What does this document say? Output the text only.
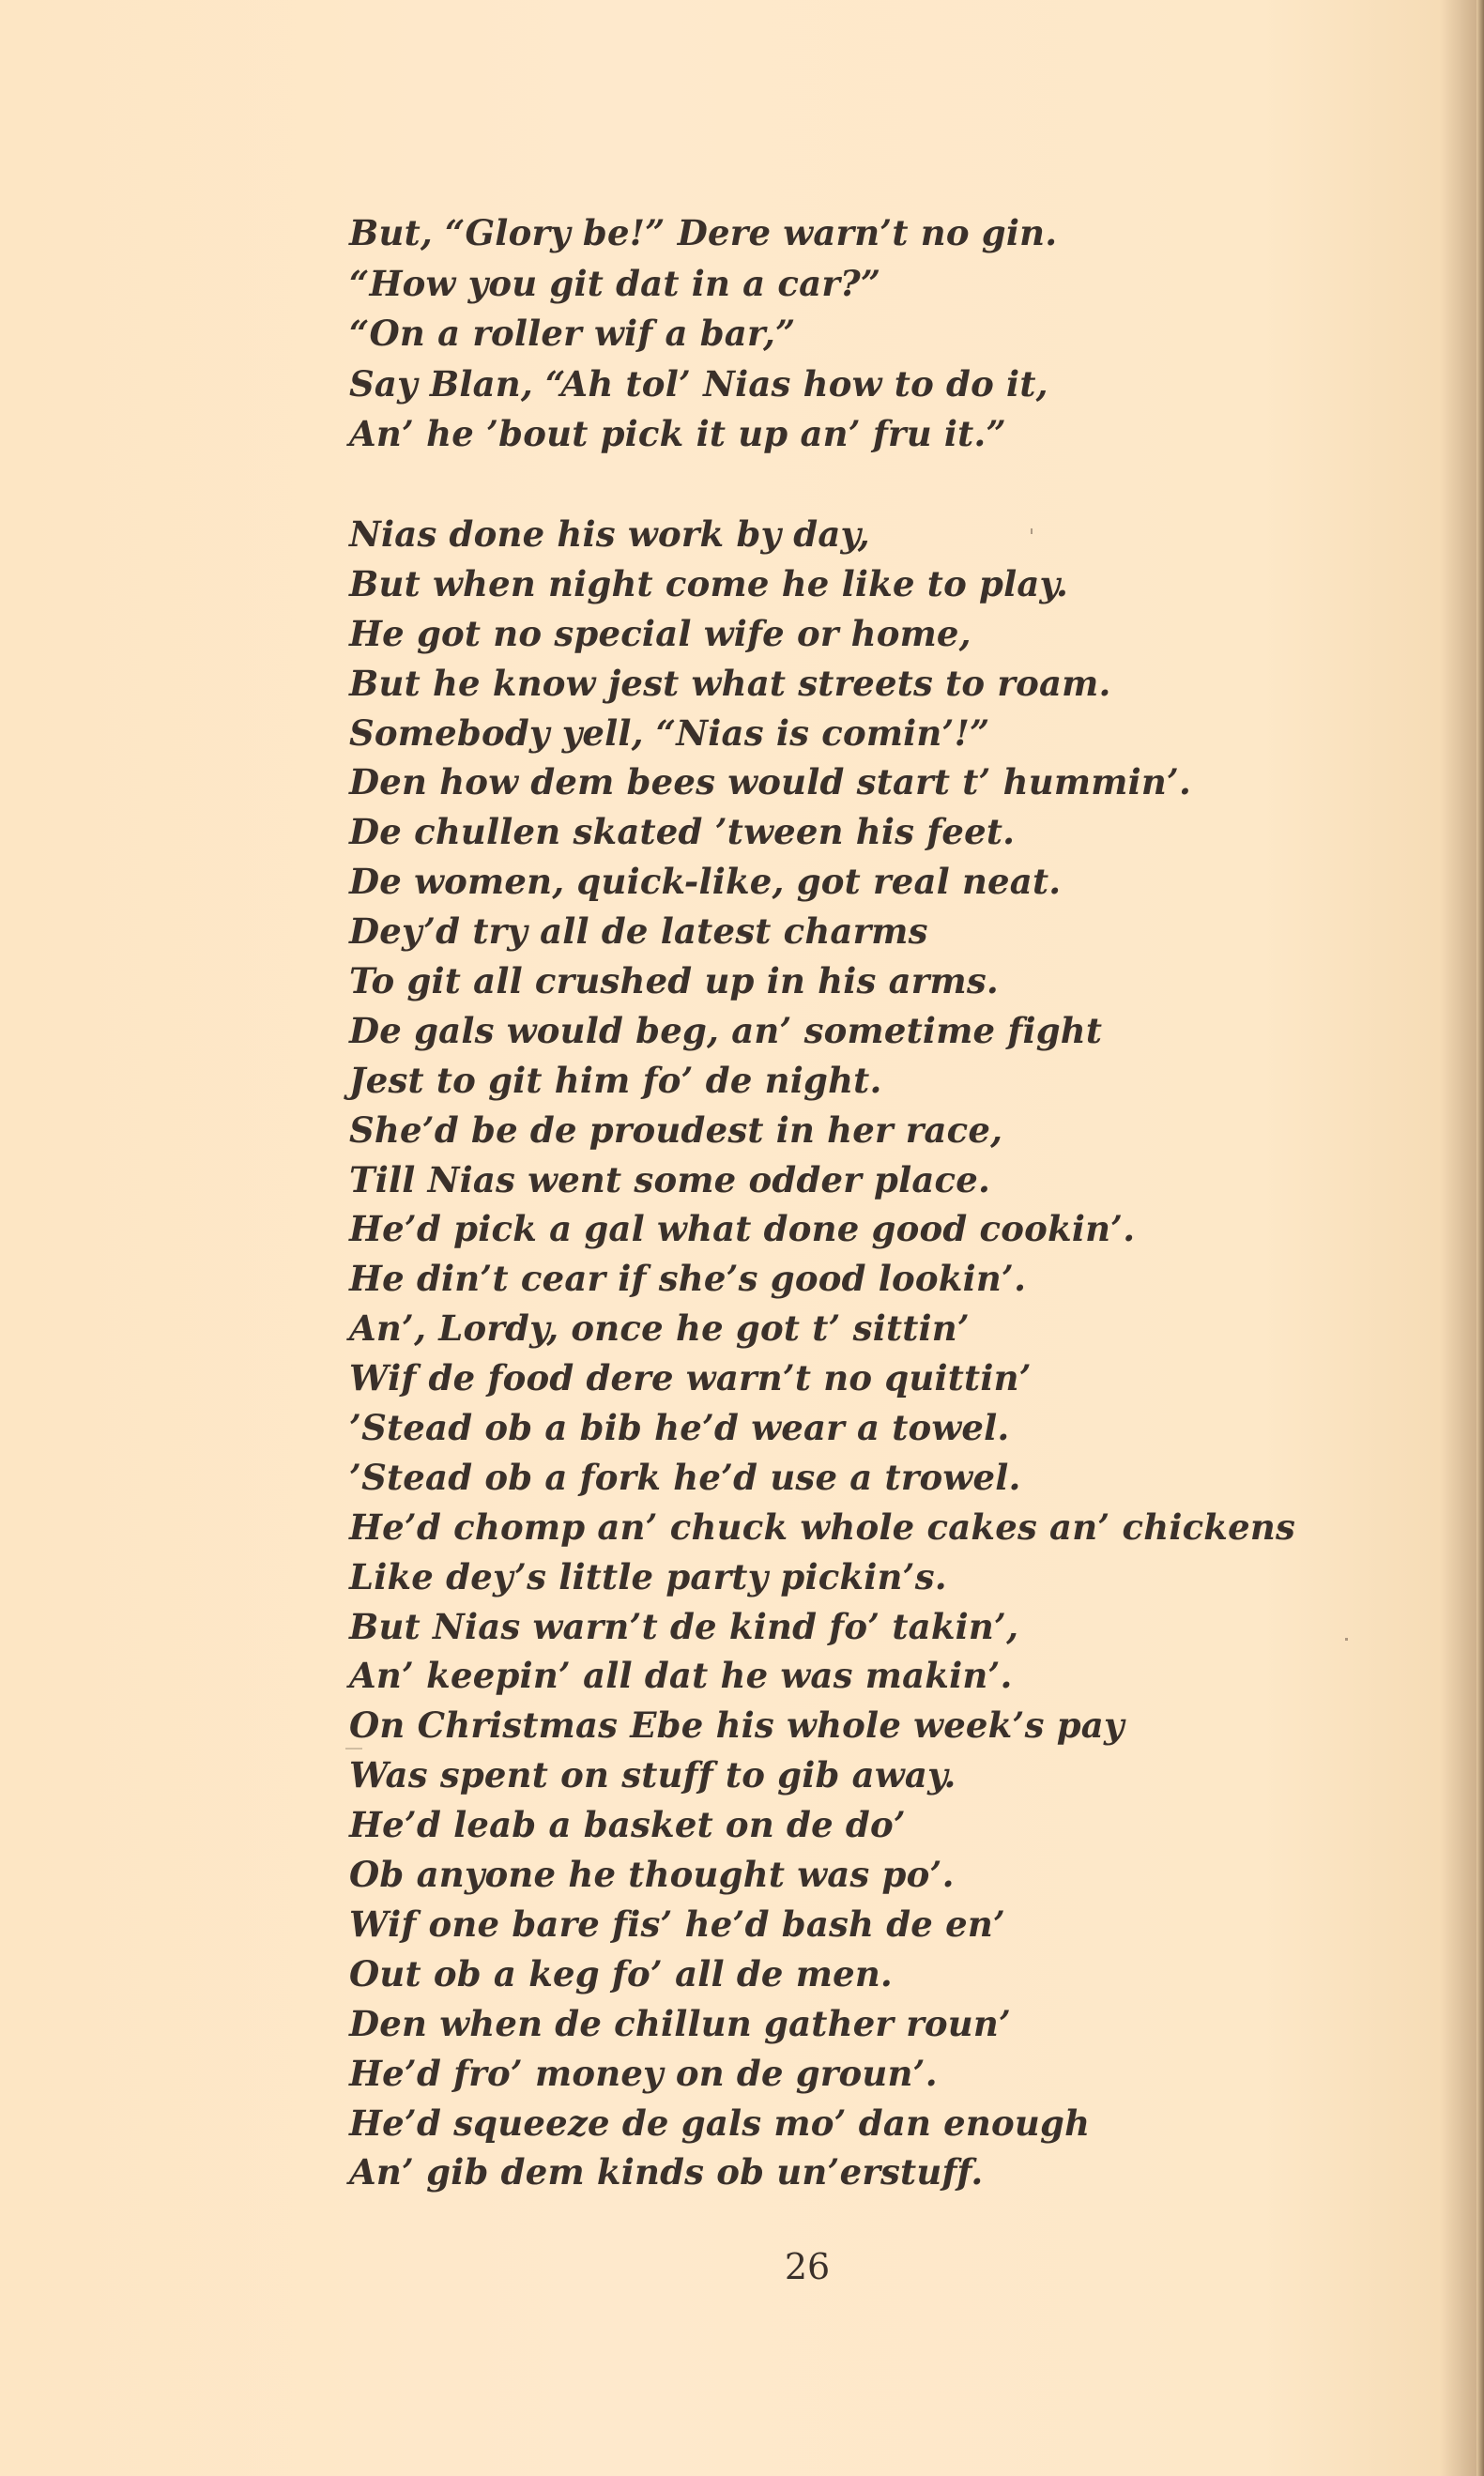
But, “Glory be!” Dere warn’t no gin.
“How you git dat in a car?”
“On a roller wif a bar,”
Say Blan, “Ah tol’ Nias how to do it,
An’ he ’bout pick it up an’ fru it.”
Nias done his work by day,
But when night come he like to play.
He got no special wife or home,
But he know jest what streets to roam.
Somebody yell, “Nias is comin’!”
Den how dem bees would start t’ hummin’.
De chullen skated ’tween his feet.
De women, quick-like, got real neat.
Dey’d try all de latest charms
To git all crushed up in his arms.
De gals would beg, an’ sometime fight
Jest to git him fo’ de night.
She’d be de proudest in her race,
Till Nias went some odder place.
He’d pick a gal what done good cookin’.
He din’t cear if she’s good lookin’.
An’, Lordy, once he got t’ sittin’
Wif de food dere warn’t no quittin’
’Stead ob a bib he’d wear a towel.
’Stead ob a fork he’d use a trowel.
He’d chomp an’ chuck whole cakes an’ chickens
Like dey’s little party pickin’s.
But Nias warn’t de kind fo’ takin’,
An’ keepin’ all dat he was makin’.
On Christmas Ebe his whole week’s pay
Was spent on stuff to gib away.
He’d leab a basket on de do’
Ob anyone he thought was po’.
Wif one bare fis’ he’d bash de en’
Out ob a keg fo’ all de men.
Den when de chillun gather roun’
He’d fro’ money on de groun’.
He’d squeeze de gals mo’ dan enough
An’ gib dem kinds ob un’erstuff.
26
